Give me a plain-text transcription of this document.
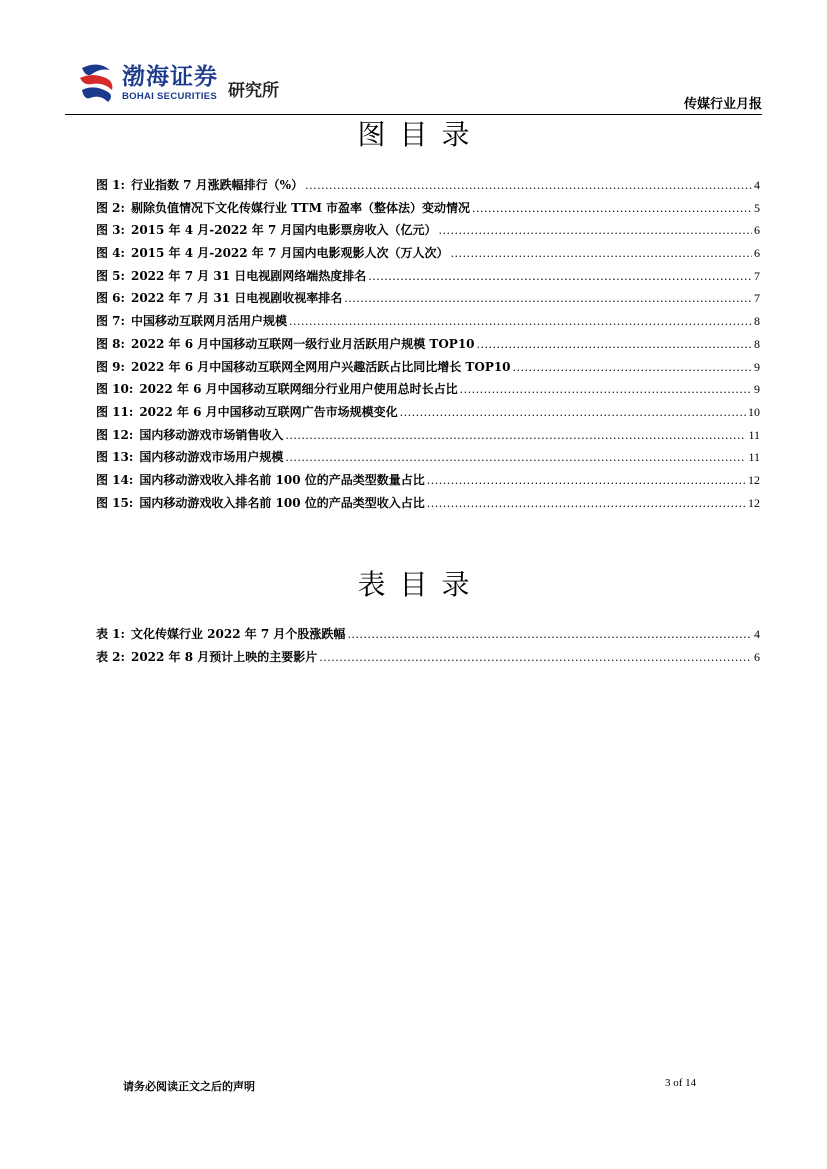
渤海证券
BOHAI SECURITIES 研究所
传媒行业月报
图目录
图 1: 行业指数 7 月涨跌幅排行（%） .....	4
图 2: 剔除负值情况下文化传媒行业 TTM 市盈率（整体法）变动情况 .....	5
图 3: 2015 年 4 月-2022 年 7 月国内电影票房收入（亿元） .....	6
图 4: 2015 年 4 月-2022 年 7 月国内电影观影人次（万人次） .....	6
图 5: 2022 年 7 月 31 日电视剧网络端热度排名 .....	7
图 6: 2022 年 7 月 31 日电视剧收视率排名 .....	7
图 7: 中国移动互联网月活用户规模 .....	8
图 8: 2022 年 6 月中国移动互联网一级行业月活跃用户规模 TOP10 .....	8
图 9: 2022 年 6 月中国移动互联网全网用户兴趣活跃占比同比增长 TOP10 .....	9
图 10: 2022 年 6 月中国移动互联网细分行业用户使用总时长占比 .....	9
图 11: 2022 年 6 月中国移动互联网广告市场规模变化 .....	10
图 12: 国内移动游戏市场销售收入 .....	11
图 13: 国内移动游戏市场用户规模 .....	11
图 14: 国内移动游戏收入排名前 100 位的产品类型数量占比 .....	12
图 15: 国内移动游戏收入排名前 100 位的产品类型收入占比 .....	12
表目录
表 1: 文化传媒行业 2022 年 7 月个股涨跌幅 .....	4
表 2: 2022 年 8 月预计上映的主要影片 .....	6
请务必阅读正文之后的声明	3 of 14
